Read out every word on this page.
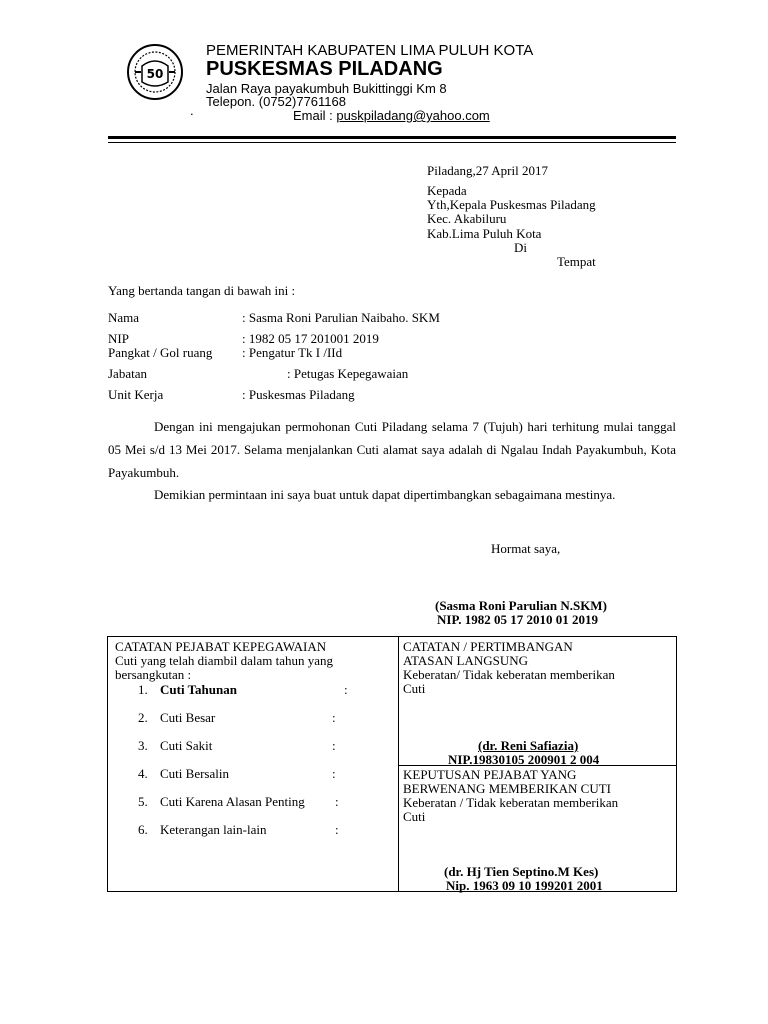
50
PEMERINTAH KABUPATEN LIMA PULUH KOTA
PUSKESMAS PILADANG
Jalan Raya payakumbuh Bukittinggi Km 8
Telepon. (0752)7761168
.	Email : puskpiladang@yahoo.com
Piladang,27 April 2017
Kepada
Yth,Kepala Puskesmas Piladang
Kec. Akabiluru
Kab.Lima Puluh Kota
Di
Tempat
Yang bertanda tangan di bawah ini :
Nama	: Sasma Roni Parulian Naibaho. SKM
NIP	: 1982 05 17 201001 2019
Pangkat / Gol ruang : Pengatur Tk I /IId
Jabatan	: Petugas Kepegawaian
Unit Kerja	: Puskesmas Piladang
Dengan ini mengajukan permohonan Cuti Piladang selama 7 (Tujuh) hari terhitung mulai tanggal 05 Mei s/d 13 Mei 2017. Selama menjalankan Cuti alamat saya adalah di Ngalau Indah Payakumbuh, Kota Payakumbuh.
Demikian permintaan ini saya buat untuk dapat dipertimbangkan sebagaimana mestinya.
Hormat saya,
(Sasma Roni Parulian N.SKM)
NIP. 1982 05 17 2010 01 2019
CATATAN PEJABAT KEPEGAWAIAN
Cuti yang telah diambil dalam tahun yang
bersangkutan :
1. Cuti Tahunan	:
2. Cuti Besar	:
3. Cuti Sakit	:
4. Cuti Bersalin	:
5. Cuti Karena Alasan Penting :
6. Keterangan lain-lain	:
CATATAN / PERTIMBANGAN
ATASAN LANGSUNG
Keberatan/ Tidak keberatan memberikan
Cuti
(dr. Reni Safiazia)
NIP.19830105 200901 2 004
KEPUTUSAN PEJABAT YANG
BERWENANG MEMBERIKAN CUTI
Keberatan / Tidak keberatan memberikan
Cuti
(dr. Hj Tien Septino.M Kes)
Nip. 1963 09 10 199201 2001
